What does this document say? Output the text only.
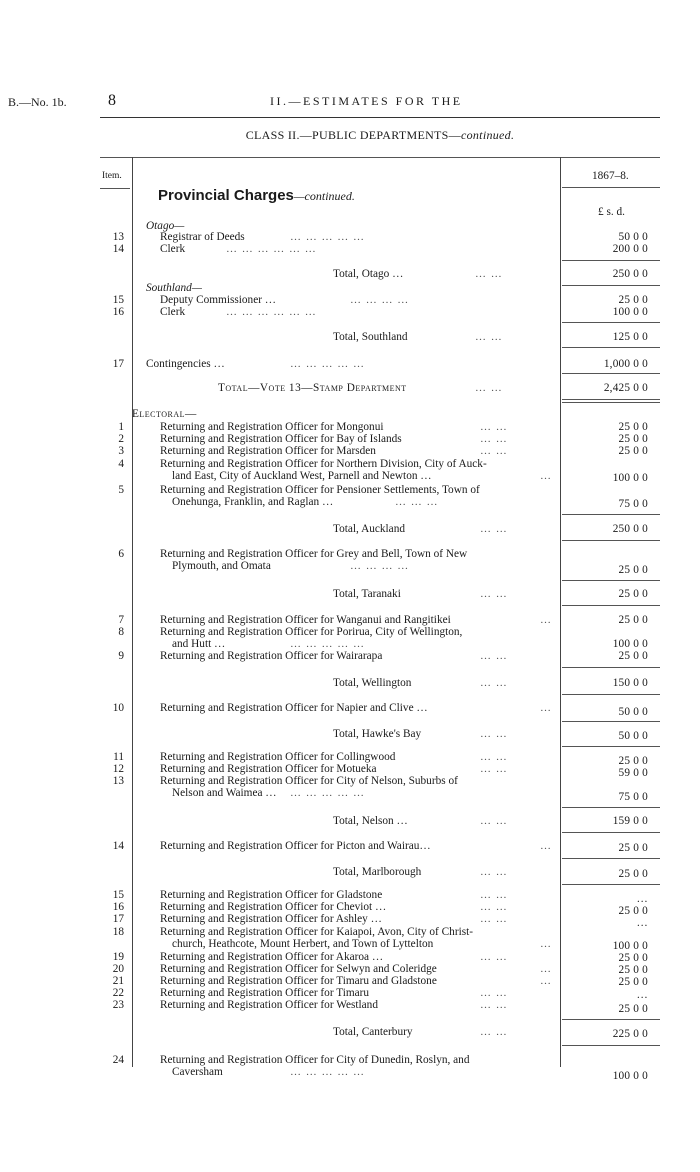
B.—No. 1b.	8	II.—ESTIMATES FOR THE
CLASS II.—PUBLIC DEPARTMENTS—continued.
Item.	1867–8.
£ s. d.
Provincial Charges—continued.
Otago—
13	Registrar of Deeds	… … … … …	50 0 0
14	Clerk	… … … … … …	200 0 0
Total, Otago …	… …	250 0 0
Southland—
15	Deputy Commissioner …	… … … …	25 0 0
16	Clerk	… … … … … …	100 0 0
Total, Southland	… …	125 0 0
17 Contingencies …	… … … … …	1,000 0 0
Total—Vote 13—Stamp Department	… …	2,425 0 0
Electoral—
1	Returning and Registration Officer for Mongonui	… …	25 0 0
2	Returning and Registration Officer for Bay of Islands	… …	25 0 0
3	Returning and Registration Officer for Marsden	… …	25 0 0
4	Returning and Registration Officer for Northern Division, City of Auck-
land East, City of Auckland West, Parnell and Newton …	…	100 0 0
5	Returning and Registration Officer for Pensioner Settlements, Town of
Onehunga, Franklin, and Raglan …	… … …	75 0 0
Total, Auckland	… …	250 0 0
6	Returning and Registration Officer for Grey and Bell, Town of New
Plymouth, and Omata	… … … …	25 0 0
Total, Taranaki	… …	25 0 0
7	Returning and Registration Officer for Wanganui and Rangitikei	…	25 0 0
8	Returning and Registration Officer for Porirua, City of Wellington,
and Hutt …	… … … … …	100 0 0
9	Returning and Registration Officer for Wairarapa	… …	25 0 0
Total, Wellington	… …	150 0 0
10	Returning and Registration Officer for Napier and Clive …	…	50 0 0
Total, Hawke's Bay	… …	50 0 0
11	Returning and Registration Officer for Collingwood	… …	25 0 0
12	Returning and Registration Officer for Motueka	… …	59 0 0
13	Returning and Registration Officer for City of Nelson, Suburbs of
Nelson and Waimea … … … … … …	75 0 0
Total, Nelson …	… …	159 0 0
14	Returning and Registration Officer for Picton and Wairau…	…	25 0 0
Total, Marlborough	… …	25 0 0
15	Returning and Registration Officer for Gladstone	… …	…
16	Returning and Registration Officer for Cheviot …	… …	25 0 0
17	Returning and Registration Officer for Ashley …	… …	…
18	Returning and Registration Officer for Kaiapoi, Avon, City of Christ-
church, Heathcote, Mount Herbert, and Town of Lyttelton	…	100 0 0
19	Returning and Registration Officer for Akaroa …	… …	25 0 0
20	Returning and Registration Officer for Selwyn and Coleridge	…	25 0 0
21	Returning and Registration Officer for Timaru and Gladstone	…	25 0 0
22	Returning and Registration Officer for Timaru	… …	…
23	Returning and Registration Officer for Westland	… …	25 0 0
Total, Canterbury	… …	225 0 0
24	Returning and Registration Officer for City of Dunedin, Roslyn, and
Caversham	… … … … …	100 0 0
